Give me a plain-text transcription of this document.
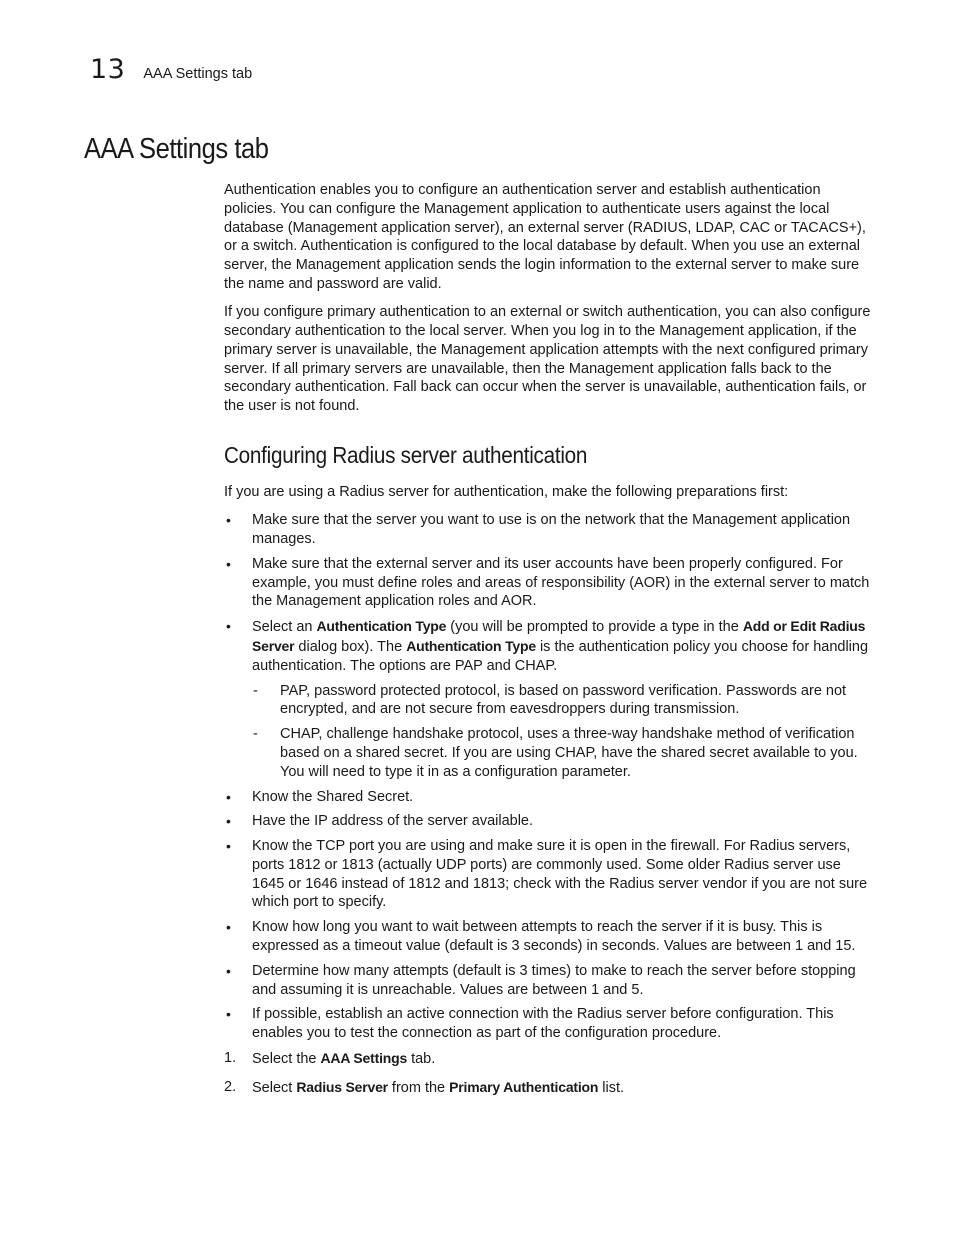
13 AAA Settings tab
AAA Settings tab

Authentication enables you to configure an authentication server and establish authentication policies. You can configure the Management application to authenticate users against the local database (Management application server), an external server (RADIUS, LDAP, CAC or TACACS+), or a switch. Authentication is configured to the local database by default. When you use an external server, the Management application sends the login information to the external server to make sure the name and password are valid.

If you configure primary authentication to an external or switch authentication, you can also configure secondary authentication to the local server. When you log in to the Management application, if the primary server is unavailable, the Management application attempts with the next configured primary server. If all primary servers are unavailable, then the Management application falls back to the secondary authentication. Fall back can occur when the server is unavailable, authentication fails, or the user is not found.

Configuring Radius server authentication

If you are using a Radius server for authentication, make the following preparations first:

• Make sure that the server you want to use is on the network that the Management application manages.
• Make sure that the external server and its user accounts have been properly configured. For example, you must define roles and areas of responsibility (AOR) in the external server to match the Management application roles and AOR.
• Select an Authentication Type (you will be prompted to provide a type in the Add or Edit Radius Server dialog box). The Authentication Type is the authentication policy you choose for handling authentication. The options are PAP and CHAP.
- PAP, password protected protocol, is based on password verification. Passwords are not encrypted, and are not secure from eavesdroppers during transmission.
- CHAP, challenge handshake protocol, uses a three-way handshake method of verification based on a shared secret. If you are using CHAP, have the shared secret available to you. You will need to type it in as a configuration parameter.
• Know the Shared Secret.
• Have the IP address of the server available.
• Know the TCP port you are using and make sure it is open in the firewall. For Radius servers, ports 1812 or 1813 (actually UDP ports) are commonly used. Some older Radius server use 1645 or 1646 instead of 1812 and 1813; check with the Radius server vendor if you are not sure which port to specify.
• Know how long you want to wait between attempts to reach the server if it is busy. This is expressed as a timeout value (default is 3 seconds) in seconds. Values are between 1 and 15.
• Determine how many attempts (default is 3 times) to make to reach the server before stopping and assuming it is unreachable. Values are between 1 and 5.
• If possible, establish an active connection with the Radius server before configuration. This enables you to test the connection as part of the configuration procedure.
1. Select the AAA Settings tab.
2. Select Radius Server from the Primary Authentication list.
